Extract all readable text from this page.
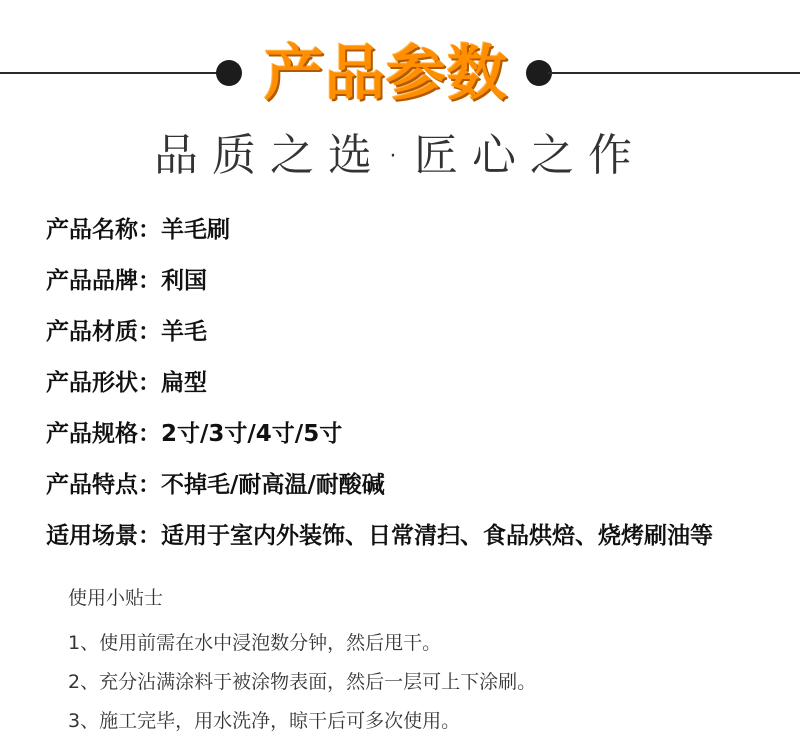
产品参数
品质之选·匠心之作
产品名称：羊毛刷
产品品牌：利国
产品材质：羊毛
产品形状：扁型
产品规格：2寸/3寸/4寸/5寸
产品特点：不掉毛/耐高温/耐酸碱
适用场景：适用于室内外装饰、日常清扫、食品烘焙、烧烤刷油等
使用小贴士
1、使用前需在水中浸泡数分钟，然后甩干。
2、充分沾满涂料于被涂物表面，然后一层可上下涂刷。
3、施工完毕，用水洗净，晾干后可多次使用。
